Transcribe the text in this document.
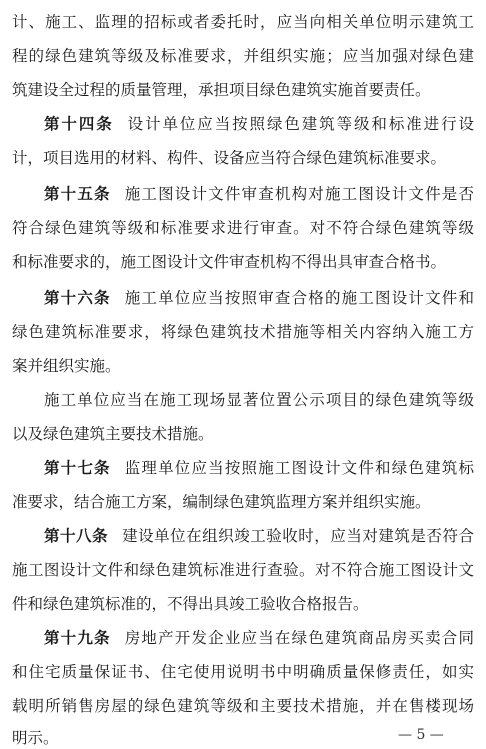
计、施工、监理的招标或者委托时，应当向相关单位明示建筑工
程的绿色建筑等级及标准要求，并组织实施；应当加强对绿色建
筑建设全过程的质量管理，承担项目绿色建筑实施首要责任。
第十四条 设计单位应当按照绿色建筑等级和标准进行设
计，项目选用的材料、构件、设备应当符合绿色建筑标准要求。
第十五条 施工图设计文件审查机构对施工图设计文件是否
符合绿色建筑等级和标准要求进行审查。对不符合绿色建筑等级
和标准要求的，施工图设计文件审查机构不得出具审查合格书。
第十六条 施工单位应当按照审查合格的施工图设计文件和
绿色建筑标准要求，将绿色建筑技术措施等相关内容纳入施工方
案并组织实施。
施工单位应当在施工现场显著位置公示项目的绿色建筑等级
以及绿色建筑主要技术措施。
第十七条 监理单位应当按照施工图设计文件和绿色建筑标
准要求，结合施工方案，编制绿色建筑监理方案并组织实施。
第十八条 建设单位在组织竣工验收时，应当对建筑是否符合
施工图设计文件和绿色建筑标准进行查验。对不符合施工图设计文
件和绿色建筑标准的，不得出具竣工验收合格报告。
第十九条 房地产开发企业应当在绿色建筑商品房买卖合同
和住宅质量保证书、住宅使用说明书中明确质量保修责任，如实
载明所销售房屋的绿色建筑等级和主要技术措施，并在售楼现场
明示。	— 5 —
